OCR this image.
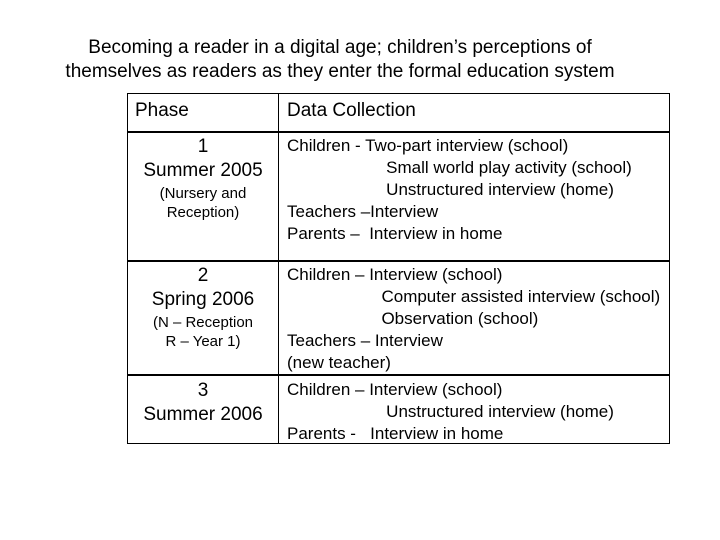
Becoming a reader in a digital age; children’s perceptions of
themselves as readers as they enter the formal education system
Phase	Data Collection
1
Summer 2005
(Nursery and
Reception)
Children - Two-part interview (school)
Small world play activity (school)
Unstructured interview (home)
Teachers –Interview
Parents –  Interview in home
2
Spring 2006
(N – Reception
R – Year 1)
Children – Interview (school)
Computer assisted interview (school)
Observation (school)
Teachers – Interview
(new teacher)
3
Summer 2006
Children – Interview (school)
Unstructured interview (home)
Parents -   Interview in home
